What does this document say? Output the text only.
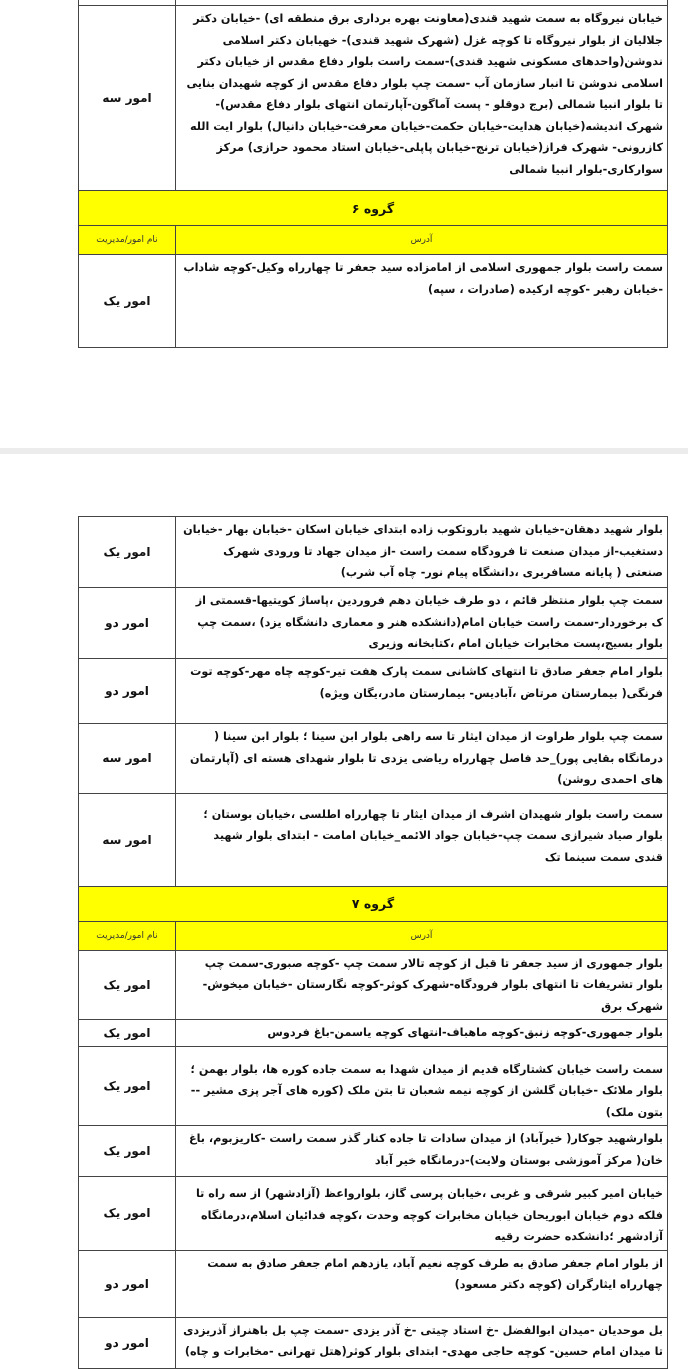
خیابان نیروگاه به سمت شهید قندی(معاونت بهره برداری برق منطقه ای) -خیابان دکتر جلالیان از بلوار نیروگاه تا کوچه غزل (شهرک شهید قندی)- خهیابان دکتر اسلامی ندوشن(واحدهای مسکونی شهید قندی)-سمت راست بلوار دفاع مقدس از خیابان دکتر اسلامی ندوشن تا انبار سازمان آب -سمت چپ بلوار دفاع مقدس از کوچه شهیدان بنایی تا بلوار انبیا شمالی (برج دوقلو - پست آماگون-آپارتمان انتهای بلوار دفاع مقدس)-شهرک اندیشه(خیابان هدایت-خیابان حکمت-خیابان معرفت-خیابان دانیال) بلوار ایت الله کازرونی- شهرک فراز(خیابان ترنج-خیابان پاپلی-خیابان استاد محمود حرازی) مرکز سوارکاری-بلوار انبیا شمالی	امور سه
گروه ۶	
آدرس	نام امور/مدیریت
سمت راست بلوار جمهوری اسلامی از امامزاده سید جعفر تا چهارراه وکیل-کوچه شاداب -خیابان رهبر -کوچه ارکیده (صادرات ، سپه)	امور یک
بلوار شهید دهقان-خیابان شهید باروتکوب زاده ابتدای خیابان اسکان -خیابان بهار -خیابان دستغیب-از میدان صنعت تا فرودگاه سمت راست -از میدان جهاد تا ورودی شهرک صنعتی ( پایانه مسافربری ،دانشگاه پیام نور- چاه آب شرب)	امور یک
سمت چپ بلوار منتظر قائم ، دو طرف خیابان دهم فروردین ،پاساژ کویتیها-قسمتی از ک برخوردار-سمت راست خیابان امام(دانشکده هنر و معماری دانشگاه یزد) ،سمت چپ بلوار بسیج،پست مخابرات خیابان امام ،کتابخانه وزیری	امور دو
بلوار امام جعفر صادق تا انتهای کاشانی سمت پارک هفت تیر-کوچه چاه مهر-کوچه توت فرنگی( بیمارستان مرتاض ،آبادیس- بیمارستان مادر،یگان ویژه)	امور دو
سمت چپ بلوار طراوت از میدان ایثار تا سه راهی بلوار ابن سینا ؛ بلوار ابن سینا ( درمانگاه بقایی پور)_حد فاصل چهارراه ریاضی یزدی تا بلوار شهدای هسته ای (آپارتمان های احمدی روشن)	امور سه
سمت راست بلوار شهیدان اشرف از میدان ایثار تا چهارراه اطلسی ،خیابان بوستان ؛بلوار صیاد شیرازی سمت چپ-خیابان جواد الائمه_خیابان امامت - ابتدای بلوار شهید قندی سمت سینما تک	امور سه
گروه ۷	
آدرس	نام امور/مدیریت
بلوار جمهوری از سید جعفر تا قبل از کوچه تالار سمت چپ -کوچه صبوری-سمت چپ بلوار تشریفات تا انتهای بلوار فرودگاه-شهرک کوثر-کوچه نگارستان -خیابان میخوش-شهرک برق	امور یک
بلوار جمهوری-کوچه زنبق-کوچه ماهباف-انتهای کوچه یاسمن-باغ فردوس	امور یک
سمت راست خیابان کشتارگاه قدیم از میدان شهدا به سمت جاده کوره ها، بلوار بهمن ؛بلوار ملائک -خیابان گلشن از کوچه نیمه شعبان تا بتن ملک (کوره های آجر پزی مشیر --بتون ملک)	امور یک
بلوارشهید جوکار( خیرآباد) از میدان سادات تا جاده کنار گذر سمت راست -کاریزبوم، باغ خان( مرکز آموزشی بوستان ولایت)-درمانگاه خیر آباد	امور یک
خیابان امیر کبیر شرقی و غربی ،خیابان پرسی گاز، بلوارواعظ (آزادشهر) از سه راه تا فلکه دوم خیابان ابوریحان خیابان مخابرات کوچه وحدت ،کوچه فدائیان اسلام،درمانگاه آزادشهر ؛دانشکده حضرت رقیه	امور یک
از بلوار امام جعفر صادق به طرف کوچه نعیم آباد، یازدهم امام جعفر صادق به سمت چهارراه ایثارگران (کوچه دکتر مسعود)	امور دو
بل موحدیان -میدان ابوالفضل -خ استاد چیتی -خ آذر یزدی -سمت چپ بل باهنراز آذریزدی تا میدان امام حسین- کوچه حاجی مهدی- ابتدای بلوار کوثر(هتل تهرانی -مخابرات و چاه)	امور دو
